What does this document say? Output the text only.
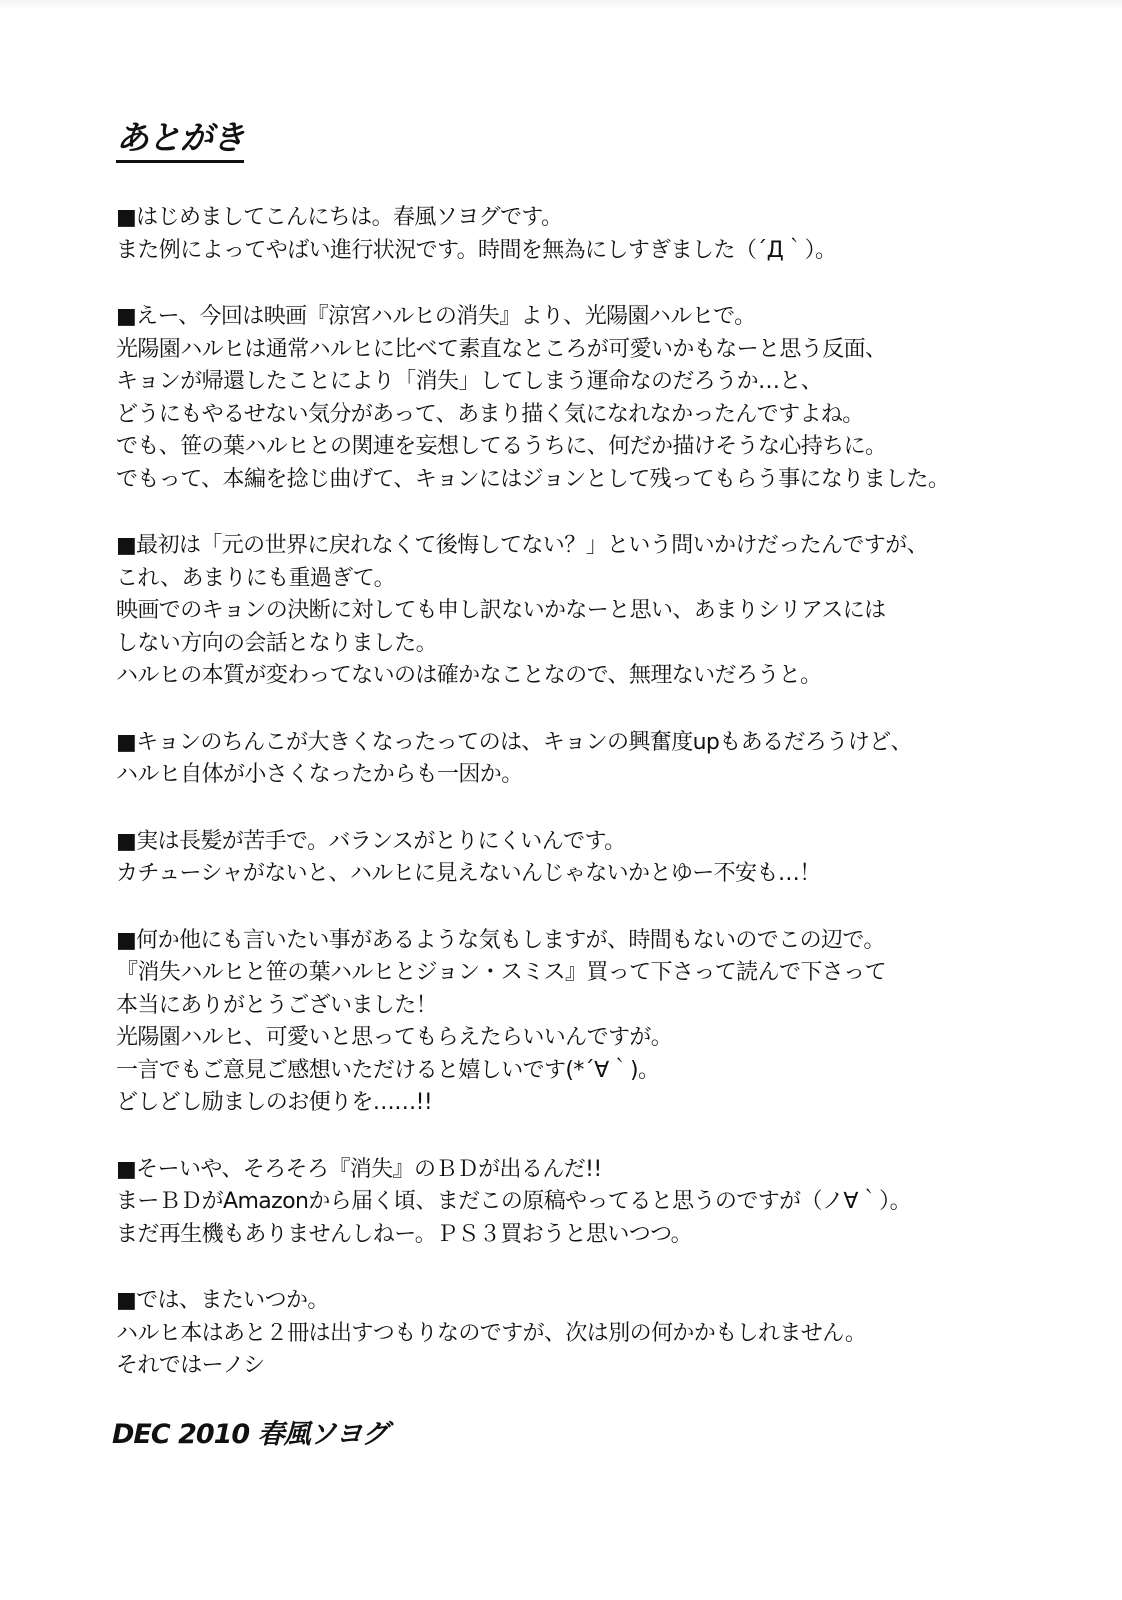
あとがき
■はじめましてこんにちは。春風ソヨグです。
また例によってやばい進行状況です。時間を無為にしすぎました（´Д｀）。
■えー、今回は映画『涼宮ハルヒの消失』より、光陽園ハルヒで。
光陽園ハルヒは通常ハルヒに比べて素直なところが可愛いかもなーと思う反面、
キョンが帰還したことにより「消失」してしまう運命なのだろうか…と、
どうにもやるせない気分があって、あまり描く気になれなかったんですよね。
でも、笹の葉ハルヒとの関連を妄想してるうちに、何だか描けそうな心持ちに。
でもって、本編を捻じ曲げて、キョンにはジョンとして残ってもらう事になりました。
■最初は「元の世界に戻れなくて後悔してない？」という問いかけだったんですが、
これ、あまりにも重過ぎて。
映画でのキョンの決断に対しても申し訳ないかなーと思い、あまりシリアスには
しない方向の会話となりました。
ハルヒの本質が変わってないのは確かなことなので、無理ないだろうと。
■キョンのちんこが大きくなったってのは、キョンの興奮度upもあるだろうけど、
ハルヒ自体が小さくなったからも一因か。
■実は長髪が苦手で。バランスがとりにくいんです。
カチューシャがないと、ハルヒに見えないんじゃないかとゆー不安も…！
■何か他にも言いたい事があるような気もしますが、時間もないのでこの辺で。
『消失ハルヒと笹の葉ハルヒとジョン・スミス』買って下さって読んで下さって
本当にありがとうございました！
光陽園ハルヒ、可愛いと思ってもらえたらいいんですが。
一言でもご意見ご感想いただけると嬉しいです(*´∀｀)。
どしどし励ましのお便りを……!!
■そーいや、そろそろ『消失』のＢＤが出るんだ!!
まーＢＤがAmazonから届く頃、まだこの原稿やってると思うのですが（ノ∀｀）。
まだ再生機もありませんしねー。ＰＳ３買おうと思いつつ。
■では、またいつか。
ハルヒ本はあと２冊は出すつもりなのですが、次は別の何かかもしれません。
それではーノシ
DEC 2010 春風ソヨグ
